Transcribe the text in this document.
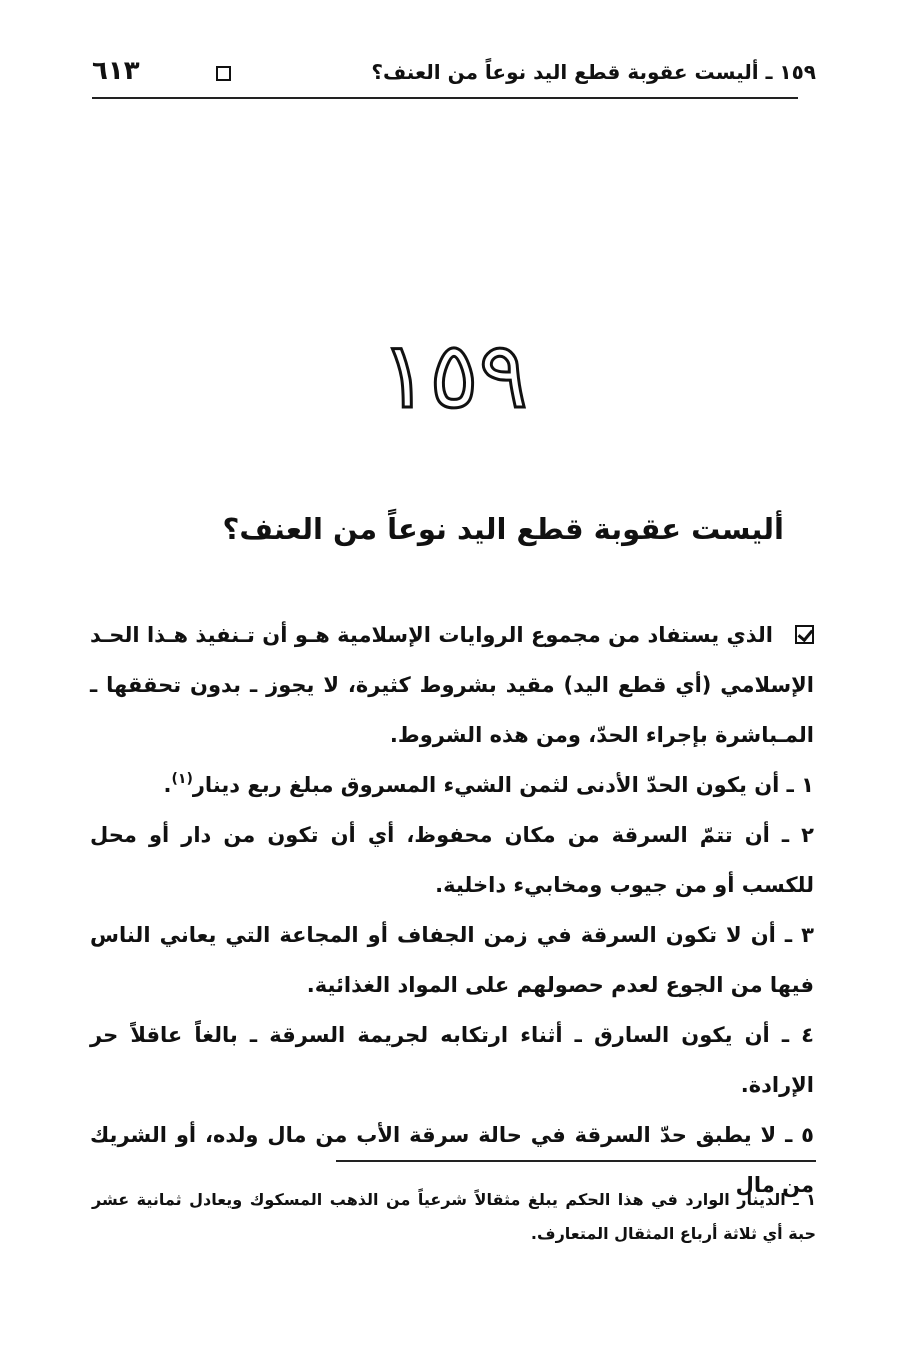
١٥٩ ـ أليست عقوبة قطع اليد نوعاً من العنف؟
٦١٣
١٥٩
أليست عقوبة قطع اليد نوعاً من العنف؟

الذي يستفاد من مجموع الروايات الإسلامية هـو أن تـنفيذ هـذا الحـد الإسلامي (أي قطع اليد) مقيد بشروط كثيرة، لا يجوز ـ بدون تحققها ـ المـباشرة بإجراء الحدّ، ومن هذه الشروط.

١ ـ أن يكون الحدّ الأدنى لثمن الشيء المسروق مبلغ ربع دينار$^{(١)}$.

٢ ـ أن تتمّ السرقة من مكان محفوظ، أي أن تكون من دار أو محل للكسب أو من جيوب ومخابيء داخلية.

٣ ـ أن لا تكون السرقة في زمن الجفاف أو المجاعة التي يعاني الناس فيها من الجوع لعدم حصولهم على المواد الغذائية.

٤ ـ أن يكون السارق ـ أثناء ارتكابه لجريمة السرقة ـ بالغاً عاقلاً حر الإرادة.

٥ ـ لا يطبق حدّ السرقة في حالة سرقة الأب من مال ولده، أو الشريك من مال

١ ـ الدينار الوارد في هذا الحكم يبلغ مثقالاً شرعياً من الذهب المسكوك ويعادل ثمانية عشر حبة أي ثلاثة أرباع المثقال المتعارف.
